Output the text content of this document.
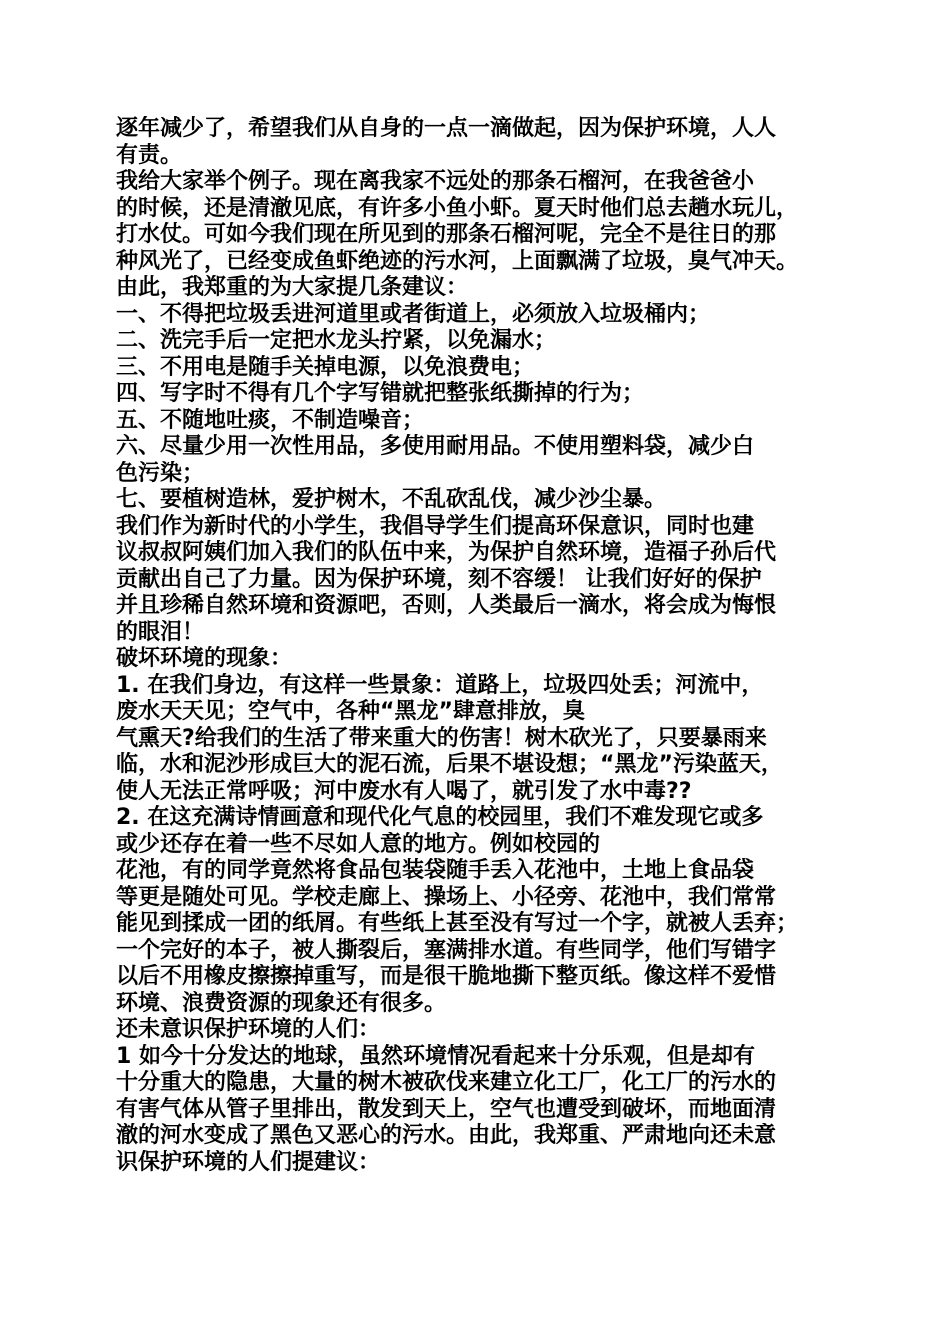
逐年减少了，希望我们从自身的一点一滴做起，因为保护环境，人人
有责。
我给大家举个例子。现在离我家不远处的那条石榴河，在我爸爸小
的时候，还是清澈见底，有许多小鱼小虾。夏天时他们总去趟水玩儿，
打水仗。可如今我们现在所见到的那条石榴河呢，完全不是往日的那
种风光了，已经变成鱼虾绝迹的污水河，上面飘满了垃圾，臭气冲天。
由此，我郑重的为大家提几条建议：
一、不得把垃圾丢进河道里或者街道上，必须放入垃圾桶内；
二、洗完手后一定把水龙头拧紧，以免漏水；
三、不用电是随手关掉电源，以免浪费电；
四、写字时不得有几个字写错就把整张纸撕掉的行为；
五、不随地吐痰，不制造噪音；
六、尽量少用一次性用品，多使用耐用品。不使用塑料袋，减少白
色污染；
七、要植树造林，爱护树木，不乱砍乱伐，减少沙尘暴。
我们作为新时代的小学生，我倡导学生们提高环保意识，同时也建
议叔叔阿姨们加入我们的队伍中来，为保护自然环境，造福子孙后代
贡献出自己了力量。因为保护环境，刻不容缓！ 让我们好好的保护
并且珍稀自然环境和资源吧，否则，人类最后一滴水，将会成为悔恨
的眼泪！
破坏环境的现象：
1. 在我们身边，有这样一些景象：道路上，垃圾四处丢；河流中，
废水天天见；空气中，各种“黑龙”肆意排放，臭
气熏天?给我们的生活了带来重大的伤害！树木砍光了，只要暴雨来
临，水和泥沙形成巨大的泥石流，后果不堪设想；“黑龙”污染蓝天，
使人无法正常呼吸；河中废水有人喝了，就引发了水中毒??
2. 在这充满诗情画意和现代化气息的校园里，我们不难发现它或多
或少还存在着一些不尽如人意的地方。例如校园的
花池，有的同学竟然将食品包装袋随手丢入花池中，土地上食品袋
等更是随处可见。学校走廊上、操场上、小径旁、花池中，我们常常
能见到揉成一团的纸屑。有些纸上甚至没有写过一个字，就被人丢弃；
一个完好的本子，被人撕裂后，塞满排水道。有些同学，他们写错字
以后不用橡皮擦擦掉重写，而是很干脆地撕下整页纸。像这样不爱惜
环境、浪费资源的现象还有很多。
还未意识保护环境的人们：
1 如今十分发达的地球，虽然环境情况看起来十分乐观，但是却有
十分重大的隐患，大量的树木被砍伐来建立化工厂，化工厂的污水的
有害气体从管子里排出，散发到天上，空气也遭受到破坏，而地面清
澈的河水变成了黑色又恶心的污水。由此，我郑重、严肃地向还未意
识保护环境的人们提建议：
